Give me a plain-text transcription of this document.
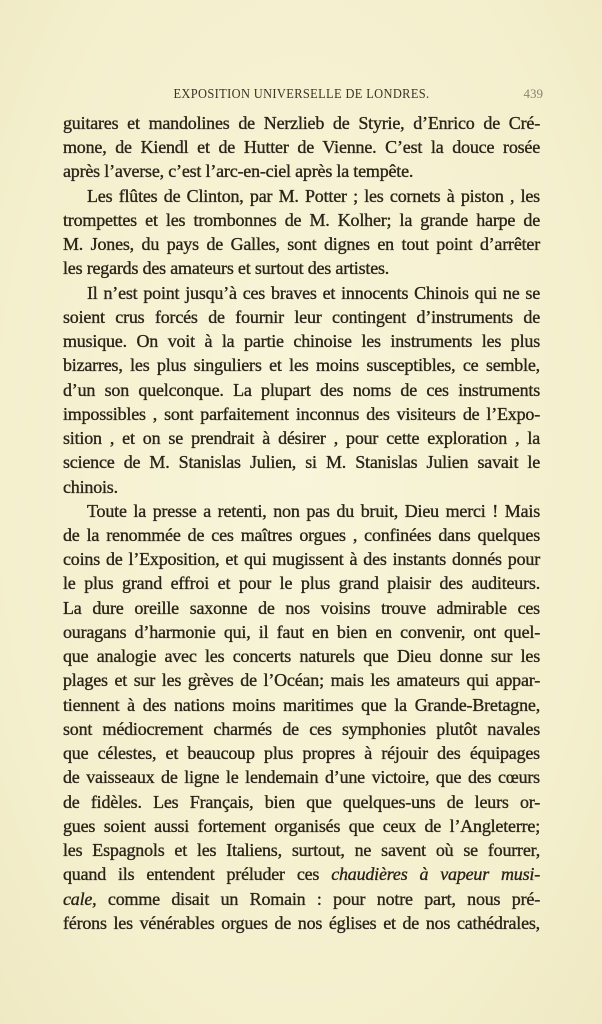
EXPOSITION UNIVERSELLE DE LONDRES.	439
guitares et mandolines de Nerzlieb de Styrie, d’Enrico de Cré-
mone, de Kiendl et de Hutter de Vienne. C’est la douce rosée
après l’averse, c’est l’arc-en-ciel après la tempête.
Les flûtes de Clinton, par M. Potter ; les cornets à piston , les
trompettes et les trombonnes de M. Kolher; la grande harpe de
M. Jones, du pays de Galles, sont dignes en tout point d’arrêter
les regards des amateurs et surtout des artistes.
Il n’est point jusqu’à ces braves et innocents Chinois qui ne se
soient crus forcés de fournir leur contingent d’instruments de
musique. On voit à la partie chinoise les instruments les plus
bizarres, les plus singuliers et les moins susceptibles, ce semble,
d’un son quelconque. La plupart des noms de ces instruments
impossibles , sont parfaitement inconnus des visiteurs de l’Expo-
sition , et on se prendrait à désirer , pour cette exploration , la
science de M. Stanislas Julien, si M. Stanislas Julien savait le
chinois.
Toute la presse a retenti, non pas du bruit, Dieu merci ! Mais
de la renommée de ces maîtres orgues , confinées dans quelques
coins de l’Exposition, et qui mugissent à des instants donnés pour
le plus grand effroi et pour le plus grand plaisir des auditeurs.
La dure oreille saxonne de nos voisins trouve admirable ces
ouragans d’harmonie qui, il faut en bien en convenir, ont quel-
que analogie avec les concerts naturels que Dieu donne sur les
plages et sur les grèves de l’Océan; mais les amateurs qui appar-
tiennent à des nations moins maritimes que la Grande-Bretagne,
sont médiocrement charmés de ces symphonies plutôt navales
que célestes, et beaucoup plus propres à réjouir des équipages
de vaisseaux de ligne le lendemain d’une victoire, que des cœurs
de fidèles. Les Français, bien que quelques-uns de leurs or-
gues soient aussi fortement organisés que ceux de l’Angleterre;
les Espagnols et les Italiens, surtout, ne savent où se fourrer,
quand ils entendent préluder ces chaudières à vapeur musi-
cale, comme disait un Romain : pour notre part, nous pré-
férons les vénérables orgues de nos églises et de nos cathédrales,
